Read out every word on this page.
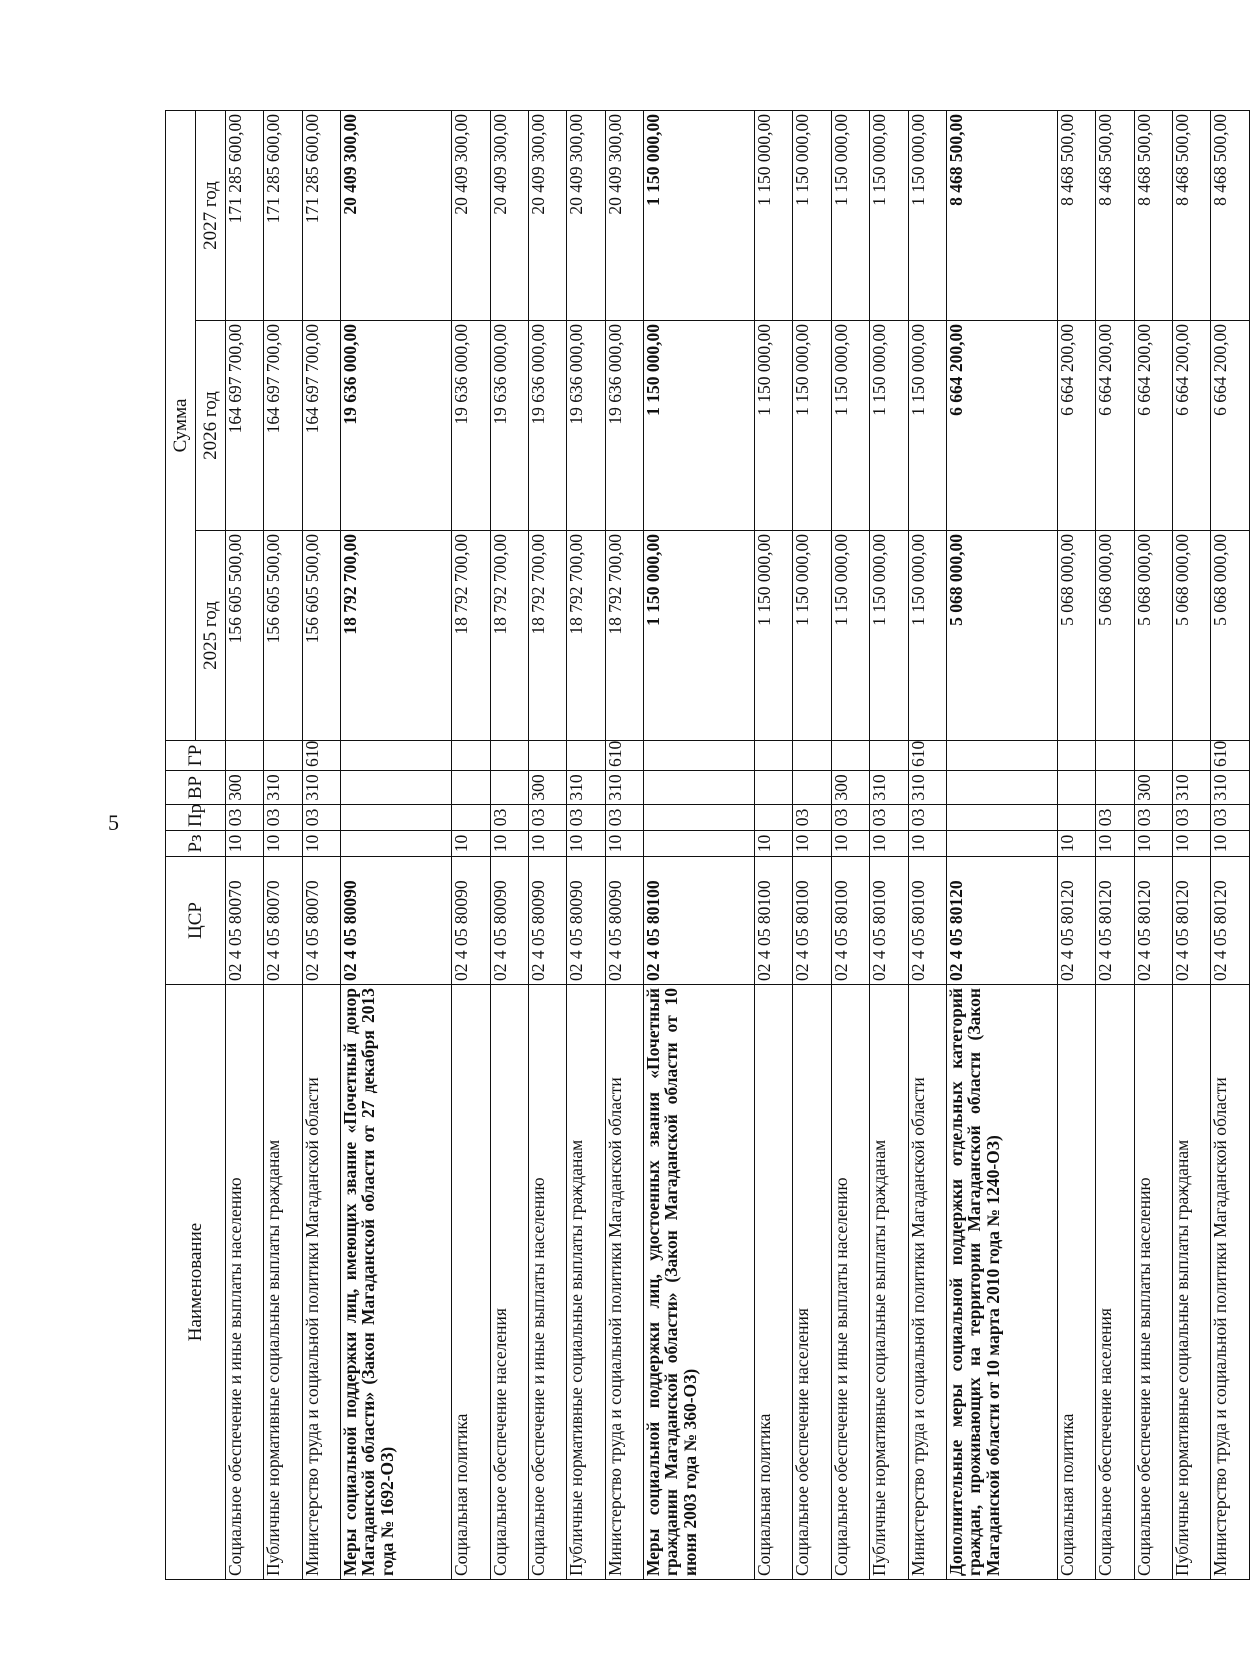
5
Наименование	ЦСР	Рз	Пр	ВР	ГР	Сумма		
						2025 год	2026 год	2027 год
Социальное обеспечение и иные выплаты населению	02 4 05 80070	10	03	300		156 605 500,00	164 697 700,00	171 285 600,00
Публичные нормативные социальные выплаты гражданам	02 4 05 80070	10	03	310		156 605 500,00	164 697 700,00	171 285 600,00
Министерство труда и социальной политики Магаданской области	02 4 05 80070	10	03	310	610	156 605 500,00	164 697 700,00	171 285 600,00
Меры социальной поддержки лиц, имеющих звание «Почетный донор Магаданской области» (Закон Магаданской области от 27 декабря 2013 года № 1692-ОЗ)	02 4 05 80090					18 792 700,00	19 636 000,00	20 409 300,00
Социальная политика	02 4 05 80090	10				18 792 700,00	19 636 000,00	20 409 300,00
Социальное обеспечение населения	02 4 05 80090	10	03			18 792 700,00	19 636 000,00	20 409 300,00
Социальное обеспечение и иные выплаты населению	02 4 05 80090	10	03	300		18 792 700,00	19 636 000,00	20 409 300,00
Публичные нормативные социальные выплаты гражданам	02 4 05 80090	10	03	310		18 792 700,00	19 636 000,00	20 409 300,00
Министерство труда и социальной политики Магаданской области	02 4 05 80090	10	03	310	610	18 792 700,00	19 636 000,00	20 409 300,00
Меры социальной поддержки лиц, удостоенных звания «Почетный гражданин Магаданской области» (Закон Магаданской области от 10 июня 2003 года № 360-ОЗ)	02 4 05 80100					1 150 000,00	1 150 000,00	1 150 000,00
Социальная политика	02 4 05 80100	10				1 150 000,00	1 150 000,00	1 150 000,00
Социальное обеспечение населения	02 4 05 80100	10	03			1 150 000,00	1 150 000,00	1 150 000,00
Социальное обеспечение и иные выплаты населению	02 4 05 80100	10	03	300		1 150 000,00	1 150 000,00	1 150 000,00
Публичные нормативные социальные выплаты гражданам	02 4 05 80100	10	03	310		1 150 000,00	1 150 000,00	1 150 000,00
Министерство труда и социальной политики Магаданской области	02 4 05 80100	10	03	310	610	1 150 000,00	1 150 000,00	1 150 000,00
Дополнительные меры социальной поддержки отдельных категорий граждан, проживающих на территории Магаданской области (Закон Магаданской области от 10 марта 2010 года № 1240-ОЗ)	02 4 05 80120					5 068 000,00	6 664 200,00	8 468 500,00
Социальная политика	02 4 05 80120	10				5 068 000,00	6 664 200,00	8 468 500,00
Социальное обеспечение населения	02 4 05 80120	10	03			5 068 000,00	6 664 200,00	8 468 500,00
Социальное обеспечение и иные выплаты населению	02 4 05 80120	10	03	300		5 068 000,00	6 664 200,00	8 468 500,00
Публичные нормативные социальные выплаты гражданам	02 4 05 80120	10	03	310		5 068 000,00	6 664 200,00	8 468 500,00
Министерство труда и социальной политики Магаданской области	02 4 05 80120	10	03	310	610	5 068 000,00	6 664 200,00	8 468 500,00
